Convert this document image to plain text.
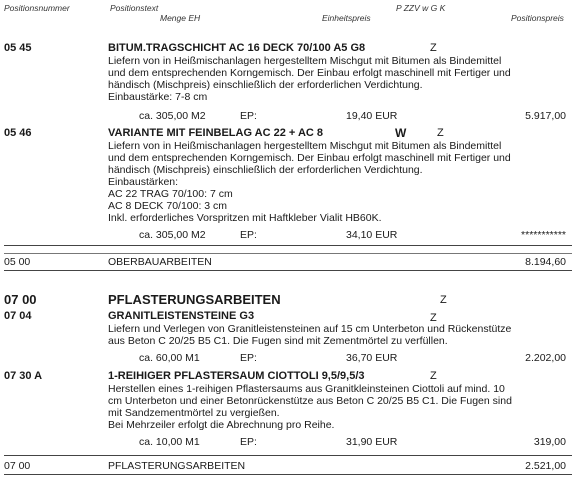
Positionsnummer	Positionstext
Menge EH	Einheitspreis
P ZZV w G K
Positionspreis
05 45	BITUM.TRAGSCHICHT AC 16 DECK 70/100 A5 G8	Z
Liefern von in Heißmischanlagen hergestelltem Mischgut mit Bitumen als Bindemittel
und dem entsprechenden Korngemisch. Der Einbau erfolgt maschinell mit Fertiger und
händisch (Mischpreis) einschließlich der erforderlichen Verdichtung.
Einbaustärke: 7-8 cm
ca. 305,00 M2	EP:	19,40 EUR	5.917,00
05 46	VARIANTE MIT FEINBELAG AC 22 + AC 8	W	Z
Liefern von in Heißmischanlagen hergestelltem Mischgut mit Bitumen als Bindemittel
und dem entsprechenden Korngemisch. Der Einbau erfolgt maschinell mit Fertiger und
händisch (Mischpreis) einschließlich der erforderlichen Verdichtung.
Einbaustärken:
AC 22 TRAG 70/100: 7 cm
AC 8 DECK 70/100: 3 cm
Inkl. erforderliches Vorspritzen mit Haftkleber Vialit HB60K.
ca. 305,00 M2	EP:	34,10 EUR	***********
05 00	OBERBAUARBEITEN	8.194,60
07 00	PFLASTERUNGSARBEITEN	Z
07 04	GRANITLEISTENSTEINE G3	Z
Liefern und Verlegen von Granitleistensteinen auf 15 cm Unterbeton und Rückenstütze
aus Beton C 20/25 B5 C1. Die Fugen sind mit Zementmörtel zu verfüllen.
ca. 60,00 M1	EP:	36,70 EUR	2.202,00
07 30 A	1-REIHIGER PFLASTERSAUM CIOTTOLI 9,5/9,5/3	Z
Herstellen eines 1-reihigen Pflastersaums aus Granitkleinsteinen Ciottoli auf mind. 10
cm Unterbeton und einer Betonrückenstütze aus Beton C 20/25 B5 C1. Die Fugen sind
mit Sandzementmörtel zu vergießen.
Bei Mehrzeiler erfolgt die Abrechnung pro Reihe.
ca. 10,00 M1	EP:	31,90 EUR	319,00
07 00	PFLASTERUNGSARBEITEN	2.521,00
